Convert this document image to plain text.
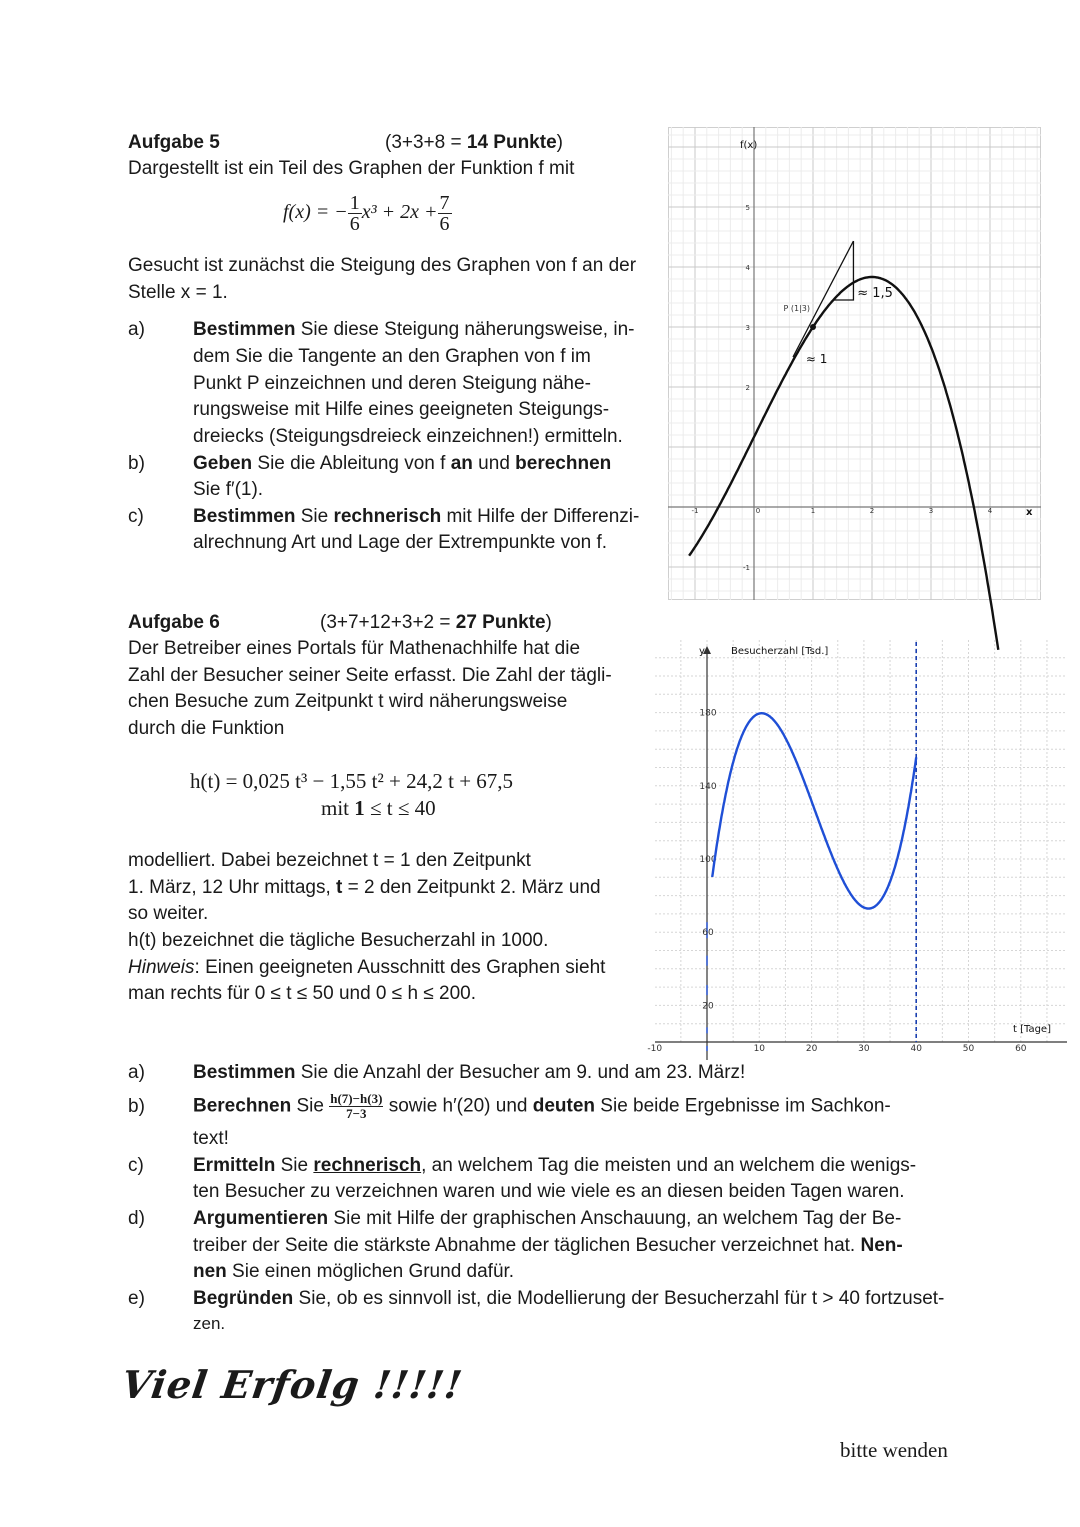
Aufgabe 5	(3+3+8 = 14 Punkte)
Dargestellt ist ein Teil des Graphen der Funktion f mit
f(x) = − $\frac{1}{6} x^3 + 2x + \frac{7}{6}$
Gesucht ist zunächst die Steigung des Graphen von f an der
Stelle x = 1.
a)	Bestimmen Sie diese Steigung näherungsweise, in-
dem Sie die Tangente an den Graphen von f im
Punkt P einzeichnen und deren Steigung nähe-
rungsweise mit Hilfe eines geeigneten Steigungs-
dreiecks (Steigungsdreieck einzeichnen!) ermitteln.
b)	Geben Sie die Ableitung von f an und berechnen
Sie f′(1).
c)	Bestimmen Sie rechnerisch mit Hilfe der Differenzi-
alrechnung Art und Lage der Extrempunkte von f.
-1	0	1	2	3	4
5
4
3
2
-1
f(x)
x
P (1|3)
≈ 1
≈ 1,5
Aufgabe 6	(3+7+12+3+2 = 27 Punkte)
Der Betreiber eines Portals für Mathenachhilfe hat die
Zahl der Besucher seiner Seite erfasst. Die Zahl der tägli-
chen Besuche zum Zeitpunkt t wird näherungsweise
durch die Funktion
h(t) = 0,025 t³ − 1,55 t² + 24,2 t + 67,5
mit 1 ≤ t ≤ 40
modelliert. Dabei bezeichnet t = 1 den Zeitpunkt
1. März, 12 Uhr mittags, t = 2 den Zeitpunkt 2. März und
so weiter.
h(t) bezeichnet die tägliche Besucherzahl in 1000.
Hinweis: Einen geeigneten Ausschnitt des Graphen sieht
man rechts für 0 ≤ t ≤ 50 und 0 ≤ h ≤ 200.
-10	10	20	30	40	50	60
180
140
100
60
20
y	Besucherzahl [Tsd.]
t [Tage]
a)	Bestimmen Sie die Anzahl der Besucher am 9. und am 23. März!
b)	Berechnen Sie $\frac{h(7)-h(3)}{7-3}$ sowie h′(20) und deuten Sie beide Ergebnisse im Sachkon-
text!
c)	Ermitteln Sie rechnerisch, an welchem Tag die meisten und an welchem die wenigs-
ten Besucher zu verzeichnen waren und wie viele es an diesen beiden Tagen waren.
d)	Argumentieren Sie mit Hilfe der graphischen Anschauung, an welchem Tag der Be-
treiber der Seite die stärkste Abnahme der täglichen Besucher verzeichnet hat. Nen-
nen Sie einen möglichen Grund dafür.
e)	Begründen Sie, ob es sinnvoll ist, die Modellierung der Besucherzahl für t > 40 fortzuset-
zen.
Viel Erfolg !!!!!
bitte wenden
